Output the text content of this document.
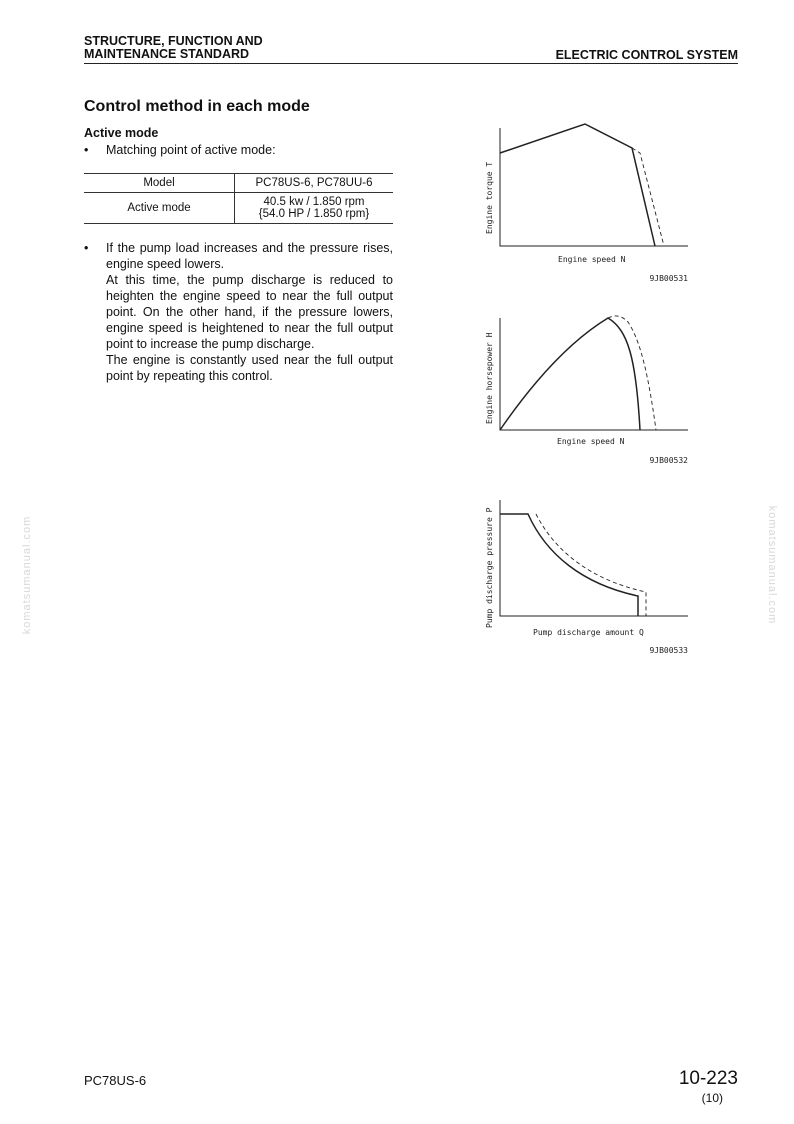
STRUCTURE, FUNCTION AND
MAINTENANCE STANDARD	ELECTRIC CONTROL SYSTEM
Control method in each mode
Active mode
• Matching point of active mode:
Model	PC78US-6, PC78UU-6
Active mode	40.5 kw / 1.850 rpm
{54.0 HP / 1.850 rpm}
• If the pump load increases and the pressure rises, engine speed lowers.

At this time, the pump discharge is reduced to heighten the engine speed to near the full output point. On the other hand, if the pressure lowers, engine speed is heightened to near the full output point to increase the pump discharge.

The engine is constantly used near the full output point by repeating this control.

Engine torque T
Engine speed N
9JB00531
Engine horsepower H
Engine speed N
9JB00532
Pump discharge pressure P
Pump discharge amount Q
9JB00533
komatsumanual.com	komatsumanual.com
PC78US-6	10-223
(10)
